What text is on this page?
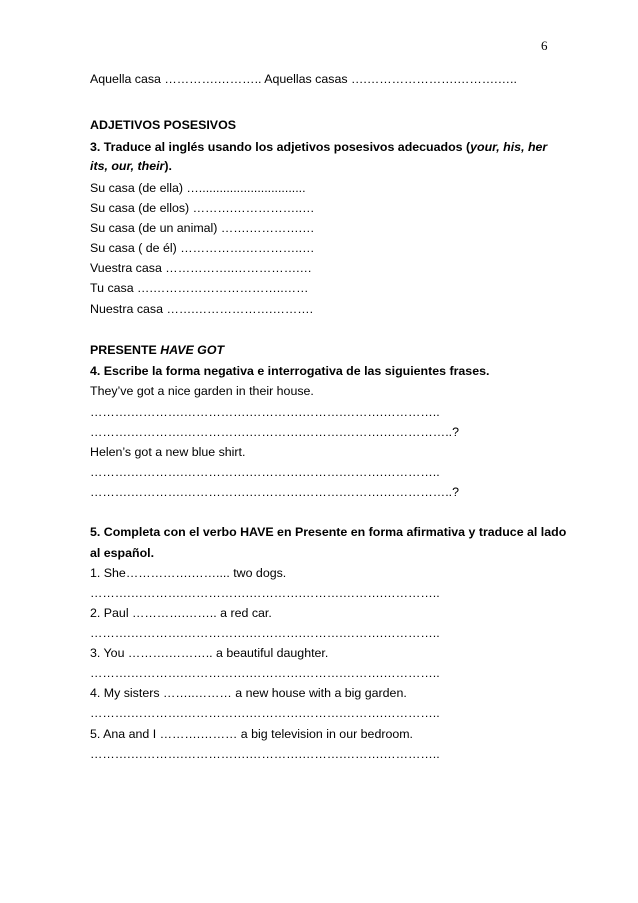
6
Aquella casa ………….……….. Aquellas casas ….………………….……….…..
ADJETIVOS POSESIVOS
3. Traduce al inglés usando los adjetivos posesivos adecuados (your, his, her
its, our, their).
Su casa (de ella) …...............................
Su casa (de ellos) ……….……………..…
Su casa (de un animal) …….………….…
Su casa ( de él) …………….…………..…
Vuestra casa ……………..…………….…
Tu casa ….…………………………..……
Nuestra casa …….……………….……….
PRESENTE HAVE GOT
4. Escribe la forma negativa e interrogativa de las siguientes frases.
They’ve got a nice garden in their house.
……….………….…………….………….……….……….…………..
……….………….…………….………….……….……….……………..?
Helen’s got a new blue shirt.
……….………….…………….………….……….……….…………..
……….………….…………….………….……….……….……………..?
5. Completa con el verbo HAVE en Presente en forma afirmativa y traduce al lado
al español.
1. She…………….…….... two dogs.
……….………….…………….………….……….……….…………..
2. Paul ………….…….. a red car.
……….………….…………….………….……….……….…………..
3. You ……….……….. a beautiful daughter.
……….………….…………….………….……….……….…………..
4. My sisters ……..……… a new house with a big garden.
……….………….…………….………….……….……….…………..
5. Ana and I ……….……… a big television in our bedroom.
……….………….…………….………….……….……….…………..
